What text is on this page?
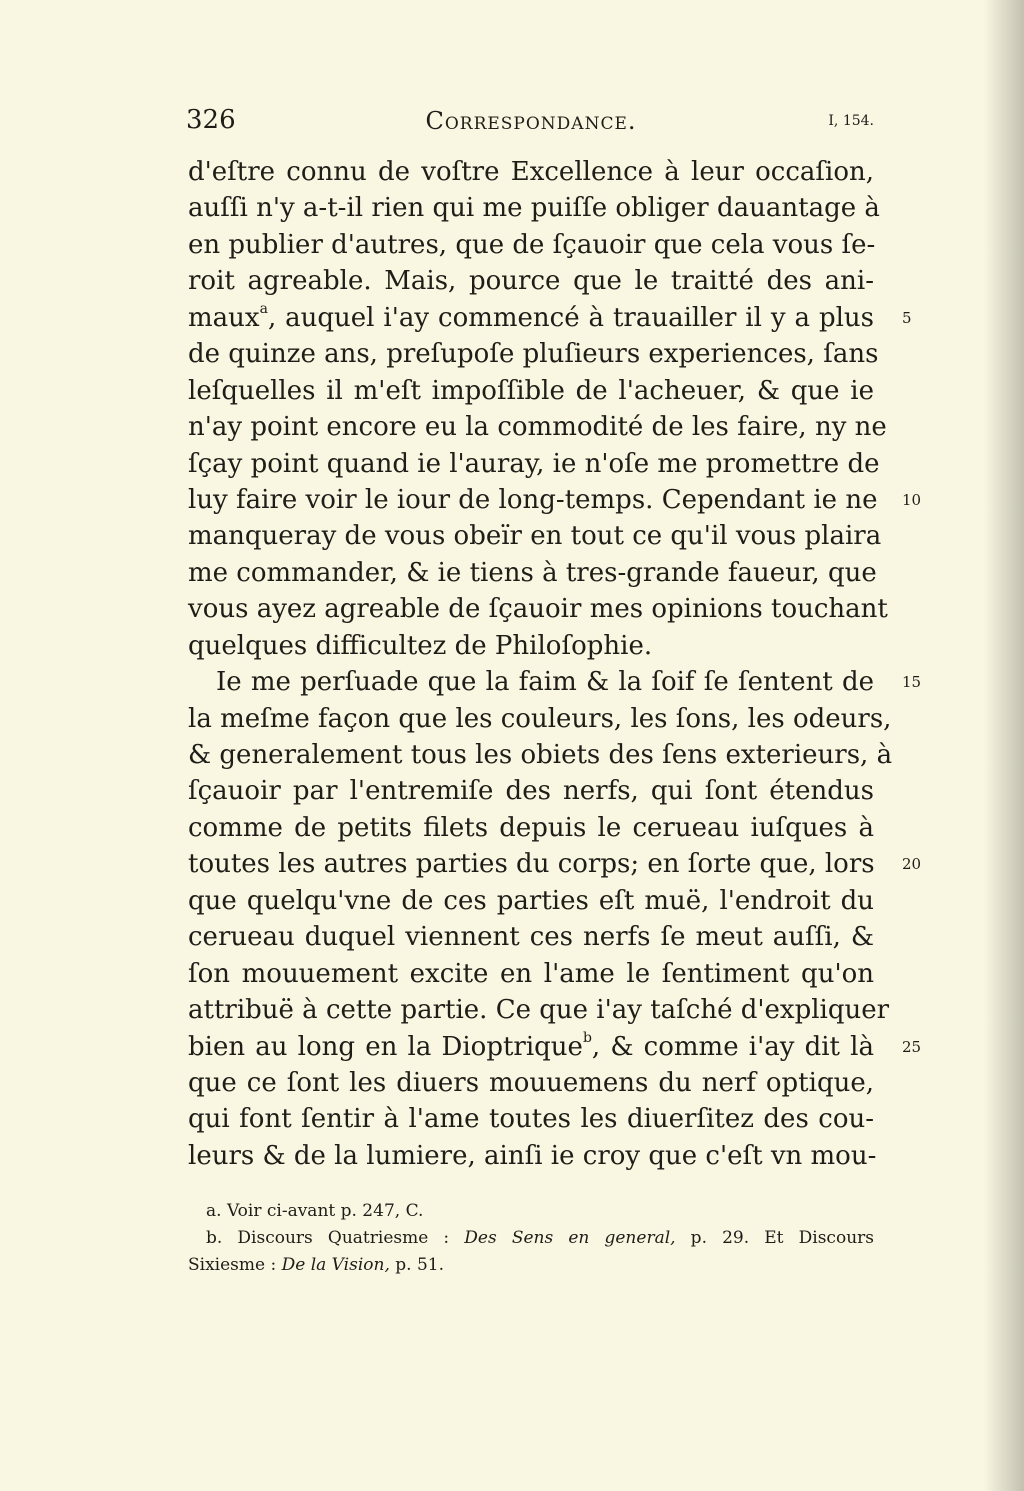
326	Correspondance.	I, 154.
d'eſtre connu de voſtre Excellence à leur occaſion,
auſſi n'y a-t-il rien qui me puiſſe obliger dauantage à
en publier d'autres, que de ſçauoir que cela vous ſe-
roit agreable. Mais, pource que le traitté des ani-
maux$^a$, auquel i'ay commencé à trauailler il y a plus 5
de quinze ans, preſupoſe pluſieurs experiences, ſans
leſquelles il m'eſt impoſſible de l'acheuer, & que ie
n'ay point encore eu la commodité de les faire, ny ne
ſçay point quand ie l'auray, ie n'oſe me promettre de
luy faire voir le iour de long-temps. Cependant ie ne 10
manqueray de vous obeïr en tout ce qu'il vous plaira
me commander, & ie tiens à tres-grande faueur, que
vous ayez agreable de ſçauoir mes opinions touchant
quelques difficultez de Philoſophie.
Ie me perſuade que la faim & la ſoif ſe ſentent de 15
la meſme façon que les couleurs, les ſons, les odeurs,
& generalement tous les obiets des ſens exterieurs, à
ſçauoir par l'entremiſe des nerfs, qui ſont étendus
comme de petits filets depuis le cerueau iuſques à
toutes les autres parties du corps; en ſorte que, lors 20
que quelqu'vne de ces parties eſt muë, l'endroit du
cerueau duquel viennent ces nerfs ſe meut auſſi, &
ſon mouuement excite en l'ame le ſentiment qu'on
attribuë à cette partie. Ce que i'ay taſché d'expliquer
bien au long en la Dioptrique$^b$, & comme i'ay dit là 25
que ce ſont les diuers mouuemens du nerf optique,
qui font ſentir à l'ame toutes les diuerſitez des cou-
leurs & de la lumiere, ainſi ie croy que c'eſt vn mou-
a. Voir ci-avant p. 247, C.
b. Discours Quatriesme : Des Sens en general, p. 29. Et Discours
Sixiesme : De la Vision, p. 51.
